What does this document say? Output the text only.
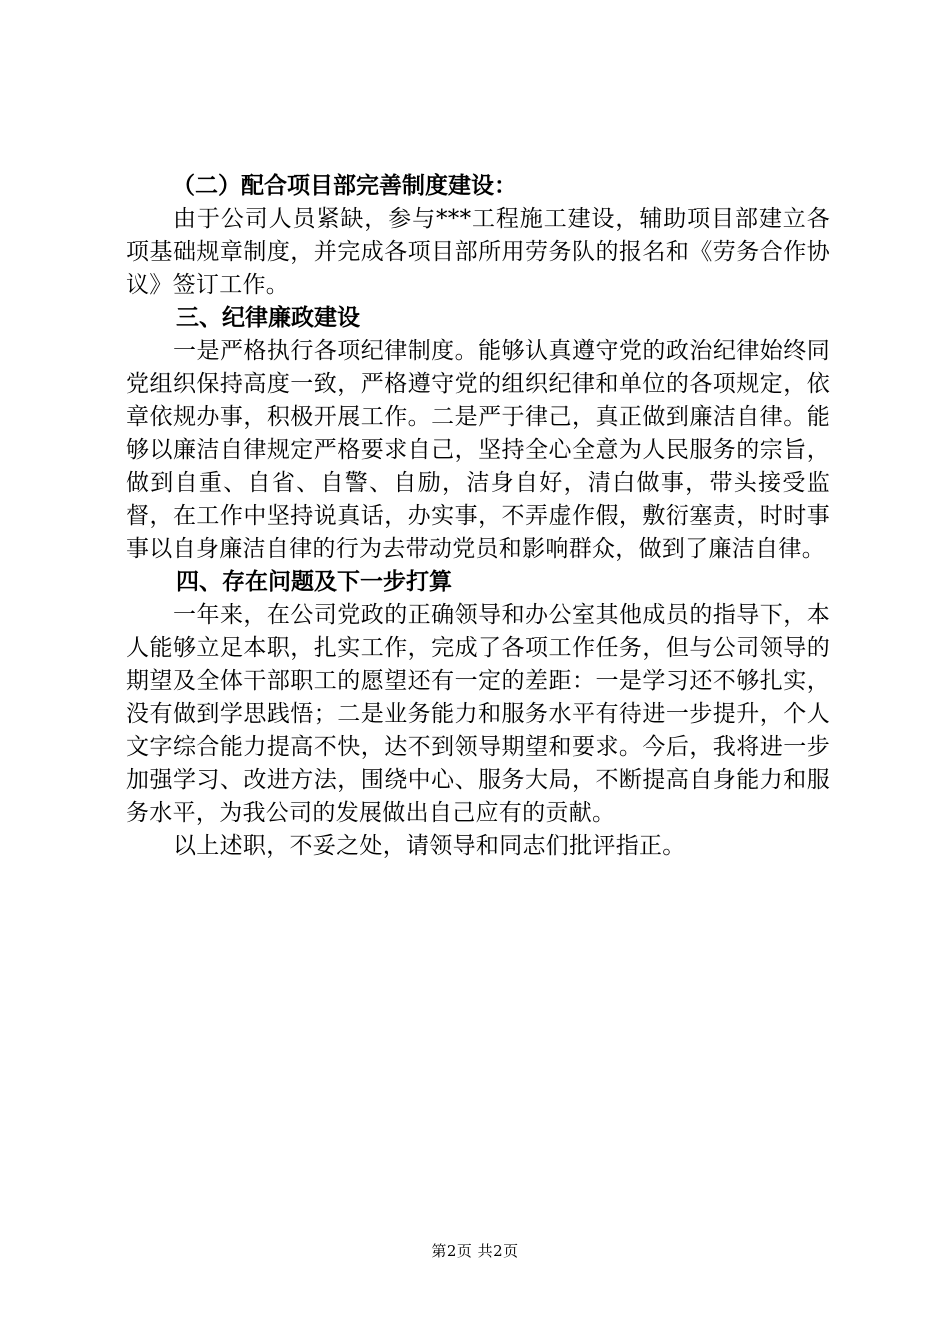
（二）配合项目部完善制度建设：

由于公司人员紧缺，参与***工程施工建设，辅助项目部建立各项基础规章制度，并完成各项目部所用劳务队的报名和《劳务合作协议》签订工作。

三、纪律廉政建设

一是严格执行各项纪律制度。能够认真遵守党的政治纪律始终同党组织保持高度一致，严格遵守党的组织纪律和单位的各项规定，依章依规办事，积极开展工作。二是严于律己，真正做到廉洁自律。能够以廉洁自律规定严格要求自己，坚持全心全意为人民服务的宗旨，做到自重、自省、自警、自励，洁身自好，清白做事，带头接受监督，在工作中坚持说真话，办实事，不弄虚作假，敷衍塞责，时时事事以自身廉洁自律的行为去带动党员和影响群众，做到了廉洁自律。

四、存在问题及下一步打算

一年来，在公司党政的正确领导和办公室其他成员的指导下，本人能够立足本职，扎实工作，完成了各项工作任务，但与公司领导的期望及全体干部职工的愿望还有一定的差距：一是学习还不够扎实，没有做到学思践悟；二是业务能力和服务水平有待进一步提升，个人文字综合能力提高不快，达不到领导期望和要求。今后，我将进一步加强学习、改进方法，围绕中心、服务大局，不断提高自身能力和服务水平，为我公司的发展做出自己应有的贡献。

以上述职，不妥之处，请领导和同志们批评指正。

第2页 共2页
